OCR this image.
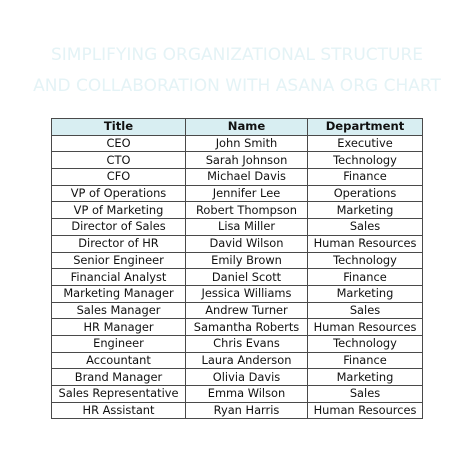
SIMPLIFYING ORGANIZATIONAL STRUCTURE
AND COLLABORATION WITH ASANA ORG CHART
Title	Name	Department
CEO	John Smith	Executive
CTO	Sarah Johnson	Technology
CFO	Michael Davis	Finance
VP of Operations	Jennifer Lee	Operations
VP of Marketing	Robert Thompson	Marketing
Director of Sales	Lisa Miller	Sales
Director of HR	David Wilson	Human Resources
Senior Engineer	Emily Brown	Technology
Financial Analyst	Daniel Scott	Finance
Marketing Manager	Jessica Williams	Marketing
Sales Manager	Andrew Turner	Sales
HR Manager	Samantha Roberts	Human Resources
Engineer	Chris Evans	Technology
Accountant	Laura Anderson	Finance
Brand Manager	Olivia Davis	Marketing
Sales Representative	Emma Wilson	Sales
HR Assistant	Ryan Harris	Human Resources
